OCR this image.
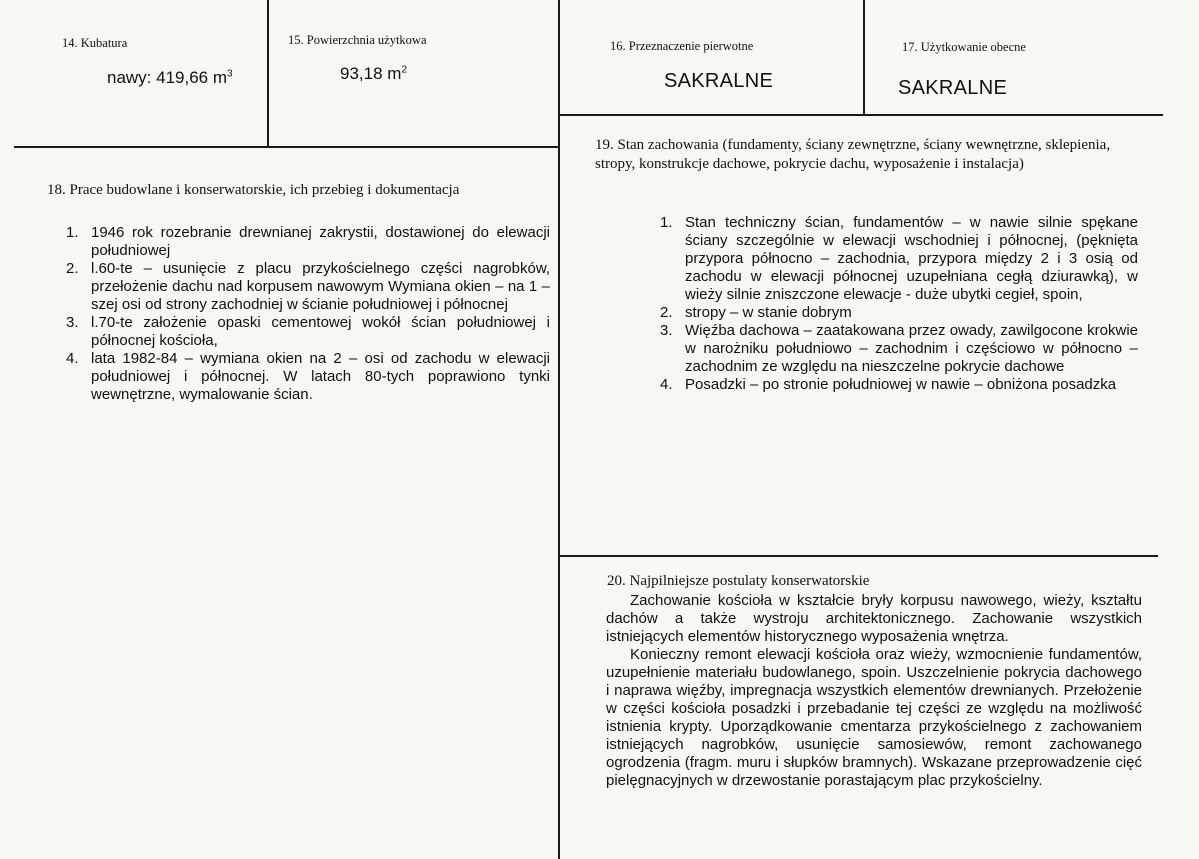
14. Kubatura
nawy: 419,66 $m^3$
15. Powierzchnia użytkowa
93,18 $m^2$
16. Przeznaczenie pierwotne
SAKRALNE
17. Użytkowanie obecne
SAKRALNE
18. Prace budowlane i konserwatorskie, ich przebieg i dokumentacja
1. 1946 rok rozebranie drewnianej zakrystii, dostawionej do elewacji południowej
2. l.60-te – usunięcie z placu przykościelnego części nagrobków, przełożenie dachu nad korpusem nawowym Wymiana okien – na 1 –szej osi od strony zachodniej w ścianie południowej i północnej
3. l.70-te założenie opaski cementowej wokół ścian południowej i północnej kościoła,
4. lata 1982-84 – wymiana okien na 2 – osi od zachodu w elewacji południowej i północnej. W latach 80-tych poprawiono tynki wewnętrzne, wymalowanie ścian.
19. Stan zachowania (fundamenty, ściany zewnętrzne, ściany wewnętrzne, sklepienia, stropy, konstrukcje dachowe, pokrycie dachu, wyposażenie i instalacja)
1. Stan techniczny ścian, fundamentów – w nawie silnie spękane ściany szczególnie w elewacji wschodniej i północnej, (pęknięta przypora północno – zachodnia, przypora między 2 i 3 osią od zachodu w elewacji północnej uzupełniana cegłą dziurawką), w wieży silnie zniszczone elewacje - duże ubytki cegieł, spoin,
2. stropy – w stanie dobrym
3. Więźba dachowa – zaatakowana przez owady, zawilgocone krokwie w narożniku południowo – zachodnim i częściowo w północno – zachodnim ze względu na nieszczelne pokrycie dachowe
4. Posadzki – po stronie południowej w nawie – obniżona posadzka
20. Najpilniejsze postulaty konserwatorskie

Zachowanie kościoła w kształcie bryły korpusu nawowego, wieży, kształtu dachów a także wystroju architektonicznego. Zachowanie wszystkich istniejących elementów historycznego wyposażenia wnętrza.

Konieczny remont elewacji kościoła oraz wieży, wzmocnienie fundamentów, uzupełnienie materiału budowlanego, spoin. Uszczelnienie pokrycia dachowego i naprawa więźby, impregnacja wszystkich elementów drewnianych. Przełożenie w części kościoła posadzki i przebadanie tej części ze względu na możliwość istnienia krypty. Uporządkowanie cmentarza przykościelnego z zachowaniem istniejących nagrobków, usunięcie samosiewów, remont zachowanego ogrodzenia (fragm. muru i słupków bramnych). Wskazane przeprowadzenie cięć pielęgnacyjnych w drzewostanie porastającym plac przykościelny.
